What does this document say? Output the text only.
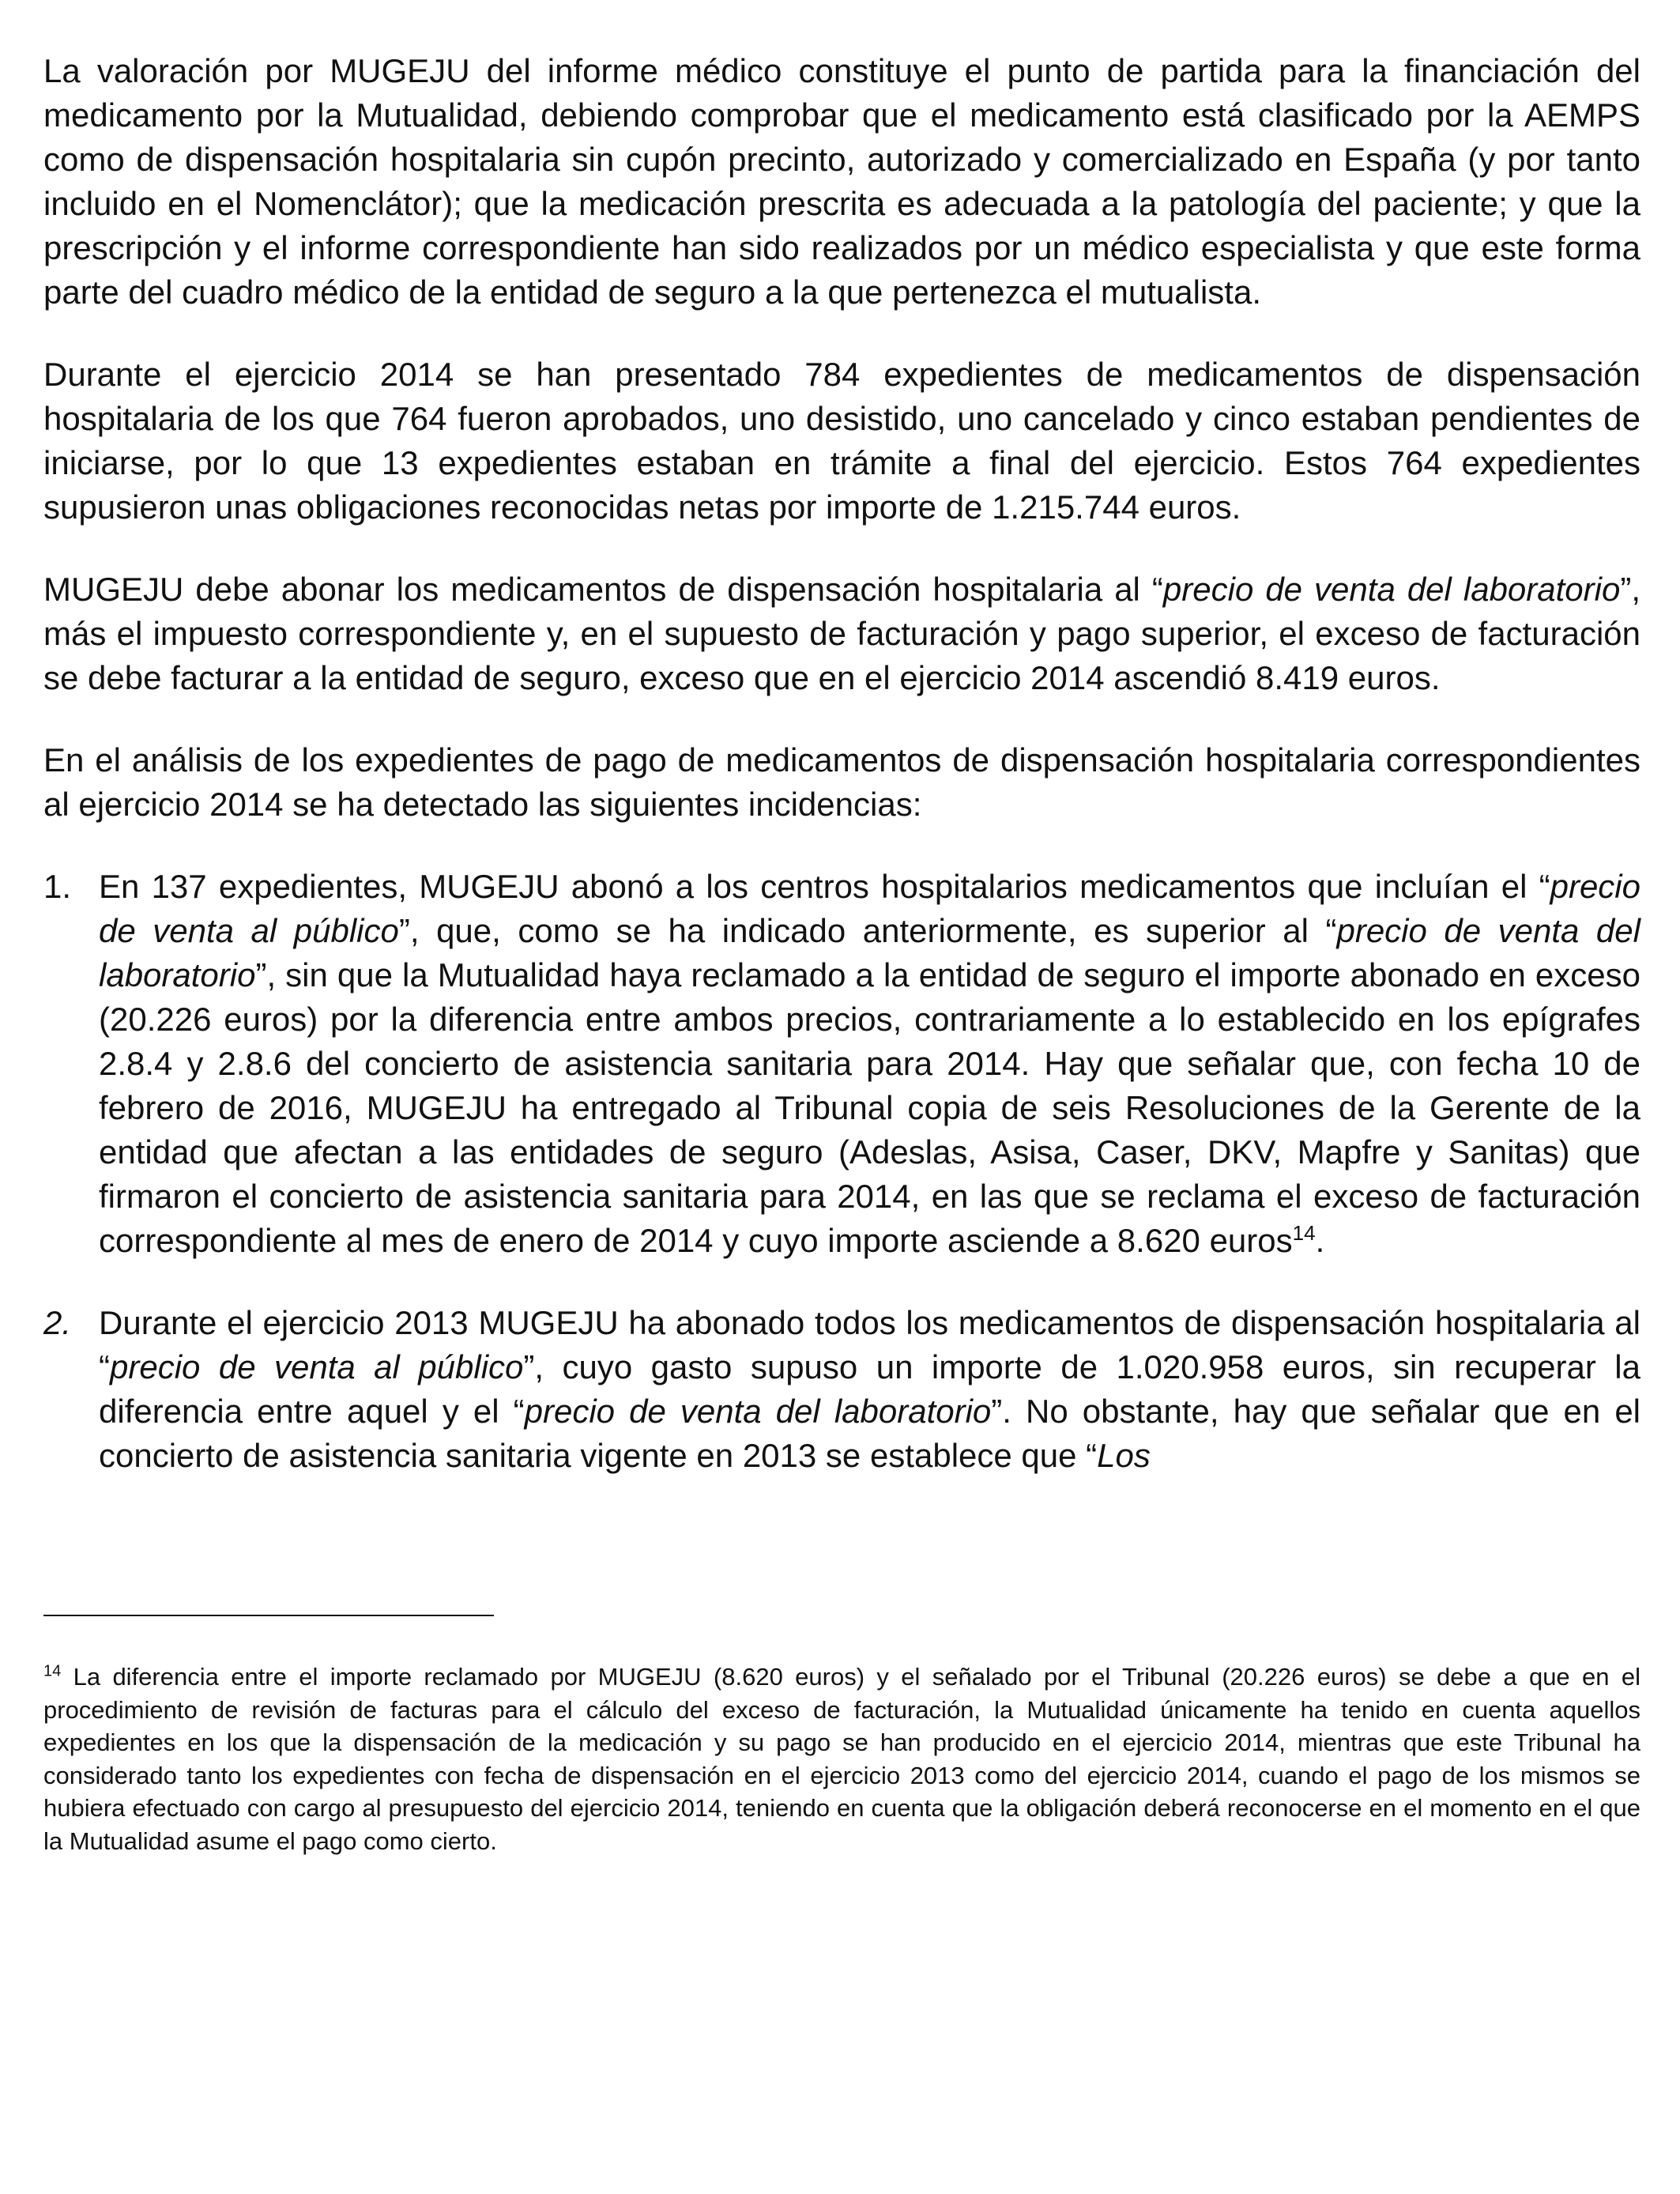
La valoración por MUGEJU del informe médico constituye el punto de partida para la financiación del medicamento por la Mutualidad, debiendo comprobar que el medicamento está clasificado por la AEMPS como de dispensación hospitalaria sin cupón precinto, autorizado y comercializado en España (y por tanto incluido en el Nomenclátor); que la medicación prescrita es adecuada a la patología del paciente; y que la prescripción y el informe correspondiente han sido realizados por un médico especialista y que este forma parte del cuadro médico de la entidad de seguro a la que pertenezca el mutualista.

Durante el ejercicio 2014 se han presentado 784 expedientes de medicamentos de dispensación hospitalaria de los que 764 fueron aprobados, uno desistido, uno cancelado y cinco estaban pendientes de iniciarse, por lo que 13 expedientes estaban en trámite a final del ejercicio. Estos 764 expedientes supusieron unas obligaciones reconocidas netas por importe de 1.215.744 euros.

MUGEJU debe abonar los medicamentos de dispensación hospitalaria al “precio de venta del laboratorio”, más el impuesto correspondiente y, en el supuesto de facturación y pago superior, el exceso de facturación se debe facturar a la entidad de seguro, exceso que en el ejercicio 2014 ascendió 8.419 euros.

En el análisis de los expedientes de pago de medicamentos de dispensación hospitalaria correspondientes al ejercicio 2014 se ha detectado las siguientes incidencias:

1. En 137 expedientes, MUGEJU abonó a los centros hospitalarios medicamentos que incluían el “precio de venta al público”, que, como se ha indicado anteriormente, es superior al “precio de venta del laboratorio”, sin que la Mutualidad haya reclamado a la entidad de seguro el importe abonado en exceso (20.226 euros) por la diferencia entre ambos precios, contrariamente a lo establecido en los epígrafes 2.8.4 y 2.8.6 del concierto de asistencia sanitaria para 2014. Hay que señalar que, con fecha 10 de febrero de 2016, MUGEJU ha entregado al Tribunal copia de seis Resoluciones de la Gerente de la entidad que afectan a las entidades de seguro (Adeslas, Asisa, Caser, DKV, Mapfre y Sanitas) que firmaron el concierto de asistencia sanitaria para 2014, en las que se reclama el exceso de facturación correspondiente al mes de enero de 2014 y cuyo importe asciende a 8.620 euros$^{14}$.

2. Durante el ejercicio 2013 MUGEJU ha abonado todos los medicamentos de dispensación hospitalaria al “precio de venta al público”, cuyo gasto supuso un importe de 1.020.958 euros, sin recuperar la diferencia entre aquel y el “precio de venta del laboratorio”. No obstante, hay que señalar que en el concierto de asistencia sanitaria vigente en 2013 se establece que “Los

$^{14}$ La diferencia entre el importe reclamado por MUGEJU (8.620 euros) y el señalado por el Tribunal (20.226 euros) se debe a que en el procedimiento de revisión de facturas para el cálculo del exceso de facturación, la Mutualidad únicamente ha tenido en cuenta aquellos expedientes en los que la dispensación de la medicación y su pago se han producido en el ejercicio 2014, mientras que este Tribunal ha considerado tanto los expedientes con fecha de dispensación en el ejercicio 2013 como del ejercicio 2014, cuando el pago de los mismos se hubiera efectuado con cargo al presupuesto del ejercicio 2014, teniendo en cuenta que la obligación deberá reconocerse en el momento en el que la Mutualidad asume el pago como cierto.
